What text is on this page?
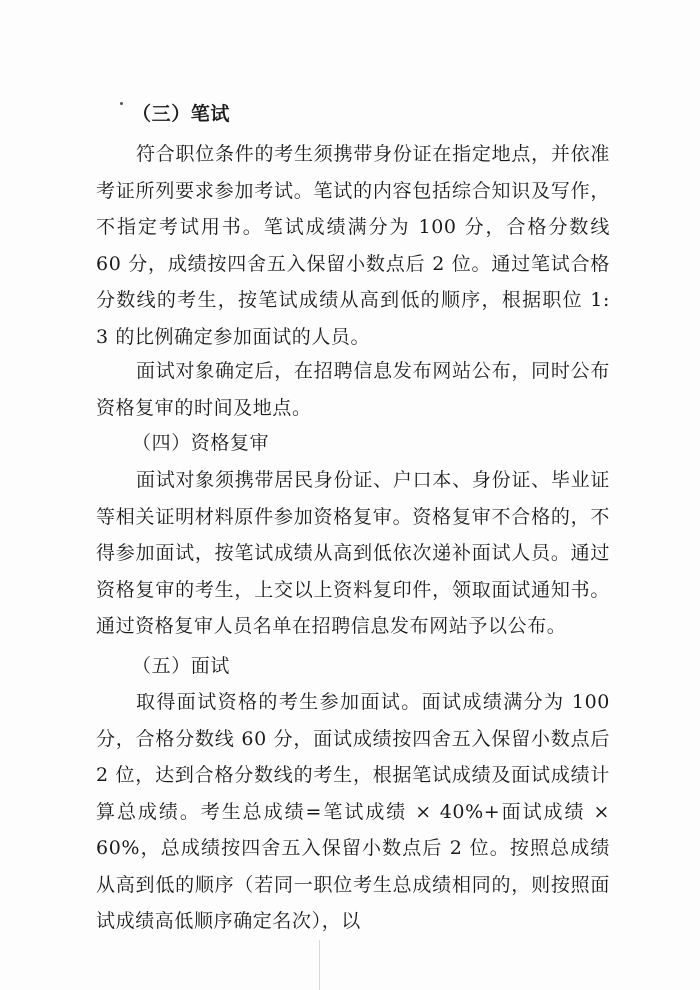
（三）笔试

符合职位条件的考生须携带身份证在指定地点，并依准考证所列要求参加考试。笔试的内容包括综合知识及写作，不指定考试用书。笔试成绩满分为 100 分，合格分数线 60 分，成绩按四舍五入保留小数点后 2 位。通过笔试合格分数线的考生，按笔试成绩从高到低的顺序，根据职位 1: 3 的比例确定参加面试的人员。

面试对象确定后，在招聘信息发布网站公布，同时公布资格复审的时间及地点。

（四）资格复审

面试对象须携带居民身份证、户口本、身份证、毕业证等相关证明材料原件参加资格复审。资格复审不合格的，不得参加面试，按笔试成绩从高到低依次递补面试人员。通过资格复审的考生，上交以上资料复印件，领取面试通知书。通过资格复审人员名单在招聘信息发布网站予以公布。

（五）面试

取得面试资格的考生参加面试。面试成绩满分为 100 分，合格分数线 60 分，面试成绩按四舍五入保留小数点后 2 位，达到合格分数线的考生，根据笔试成绩及面试成绩计算总成绩。考生总成绩=笔试成绩 × 40%+面试成绩 × 60%，总成绩按四舍五入保留小数点后 2 位。按照总成绩从高到低的顺序（若同一职位考生总成绩相同的，则按照面试成绩高低顺序确定名次），以
